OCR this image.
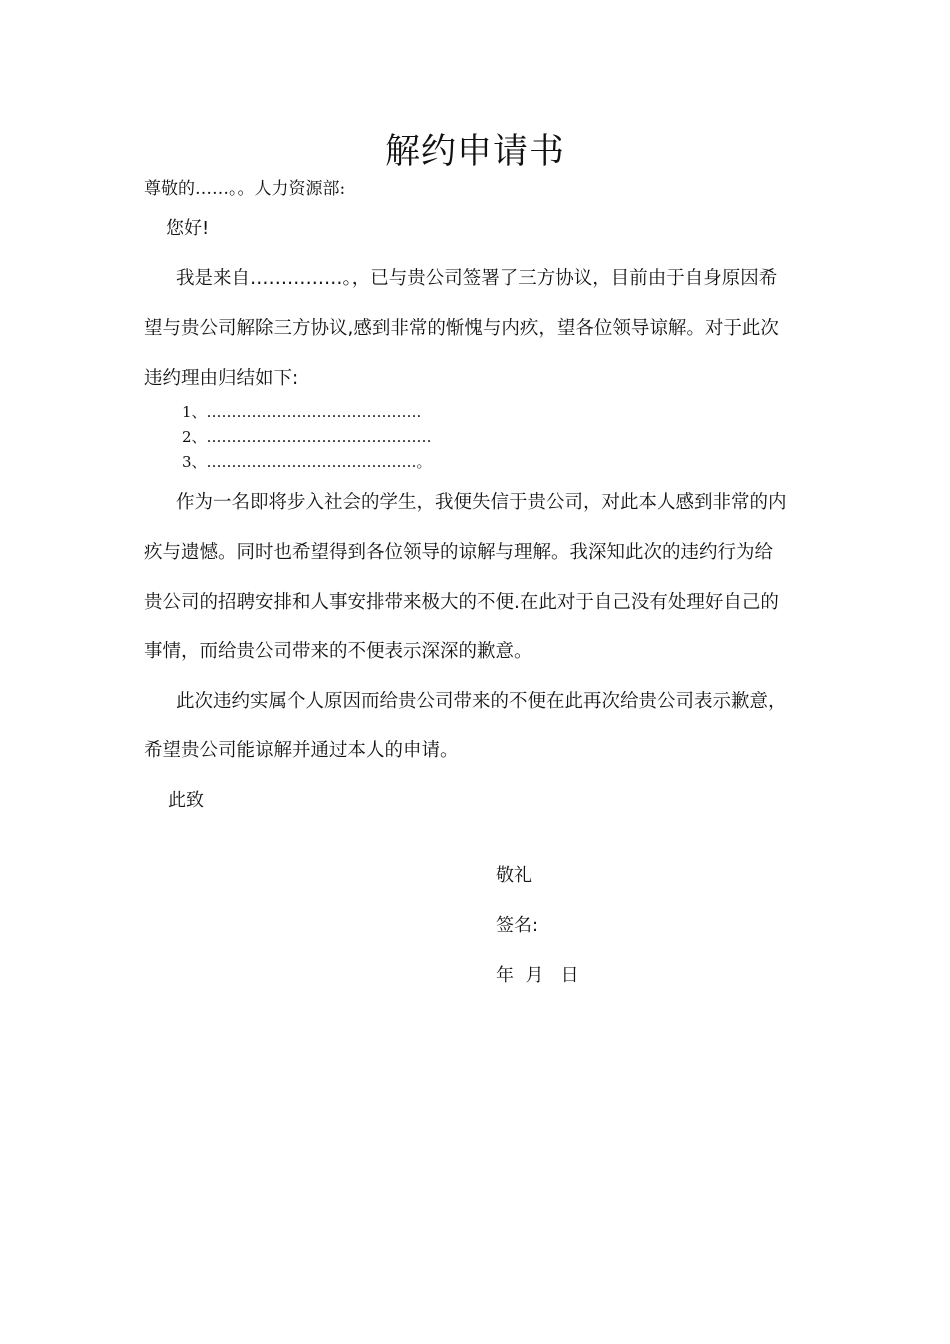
解约申请书

尊敬的……。。人力资源部:

您好!

我是来自……………。，已与贵公司签署了三方协议，目前由于自身原因希

望与贵公司解除三方协议,感到非常的惭愧与内疚，望各位领导谅解。对于此次

违约理由归结如下:

1、…………………………………….

2、………………………………………

3、……………………………………。

作为一名即将步入社会的学生，我便失信于贵公司，对此本人感到非常的内

疚与遗憾。同时也希望得到各位领导的谅解与理解。我深知此次的违约行为给

贵公司的招聘安排和人事安排带来极大的不便.在此对于自己没有处理好自己的

事情，而给贵公司带来的不便表示深深的歉意。

此次违约实属个人原因而给贵公司带来的不便在此再次给贵公司表示歉意，

希望贵公司能谅解并通过本人的申请。

此致

敬礼

签名:

年  月   日
